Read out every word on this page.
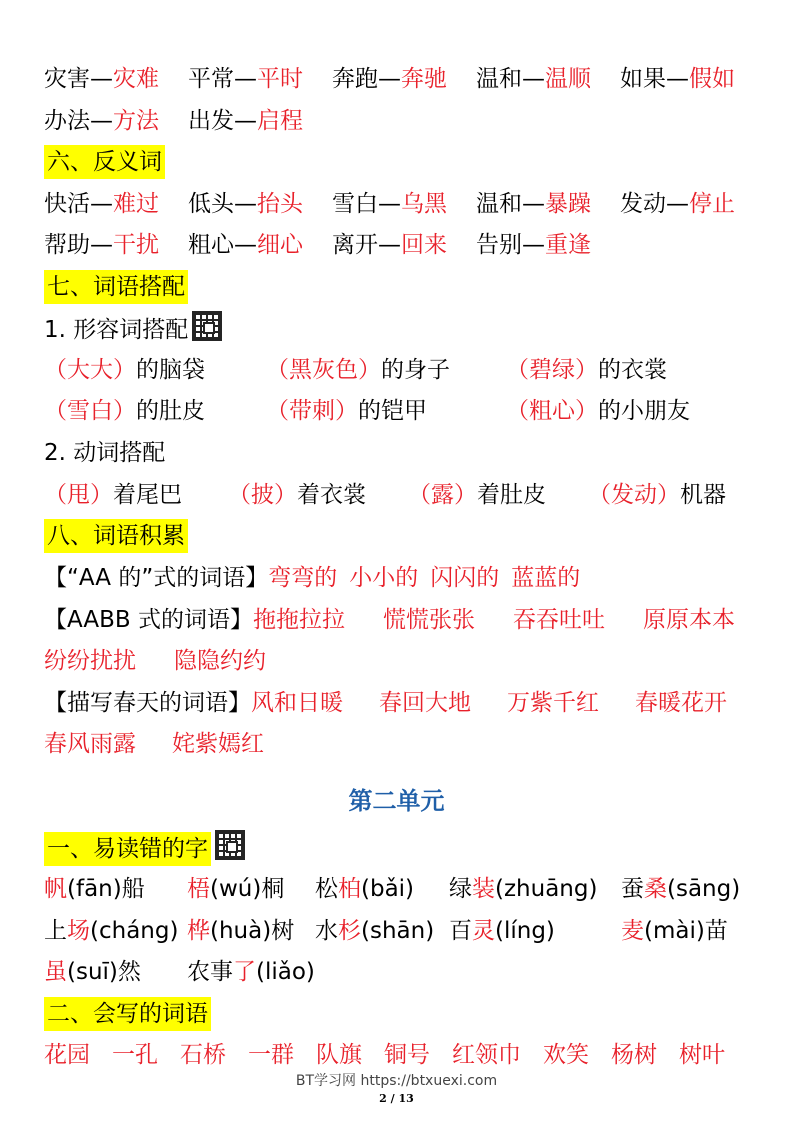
灾害—灾难 平常—平时 奔跑—奔驰 温和—温顺 如果—假如
办法—方法 出发—启程
六、反义词
快活—难过 低头—抬头 雪白—乌黑 温和—暴躁 发动—停止
帮助—干扰 粗心—细心 离开—回来 告别—重逢
七、词语搭配
1. 形容词搭配
（大大）的脑袋	（黑灰色）的身子 （碧绿）的衣裳
（雪白）的肚皮	（带刺）的铠甲	（粗心）的小朋友
2. 动词搭配
（甩）着尾巴 （披）着衣裳 （露）着肚皮 （发动）机器
八、词语积累
【“AA 的”式的词语】弯弯的 小小的 闪闪的 蓝蓝的
【AABB 式的词语】拖拖拉拉 慌慌张张 吞吞吐吐 原原本本
纷纷扰扰 隐隐约约
【描写春天的词语】风和日暖 春回大地 万紫千红 春暖花开
春风雨露 姹紫嫣红
第二单元
一、易读错的字
帆(fān)船 梧(wú)桐 松柏(bǎi) 绿装(zhuāng) 蚕桑(sāng)
上场(cháng) 桦(huà)树 水杉(shān) 百灵(líng)	麦(mài)苗
虽(suī)然 农事了(liǎo)
二、会写的词语
花园 一孔 石桥 一群 队旗 铜号 红领巾 欢笑 杨树 树叶
BT学习网 https://btxuexi.com
2 / 13
